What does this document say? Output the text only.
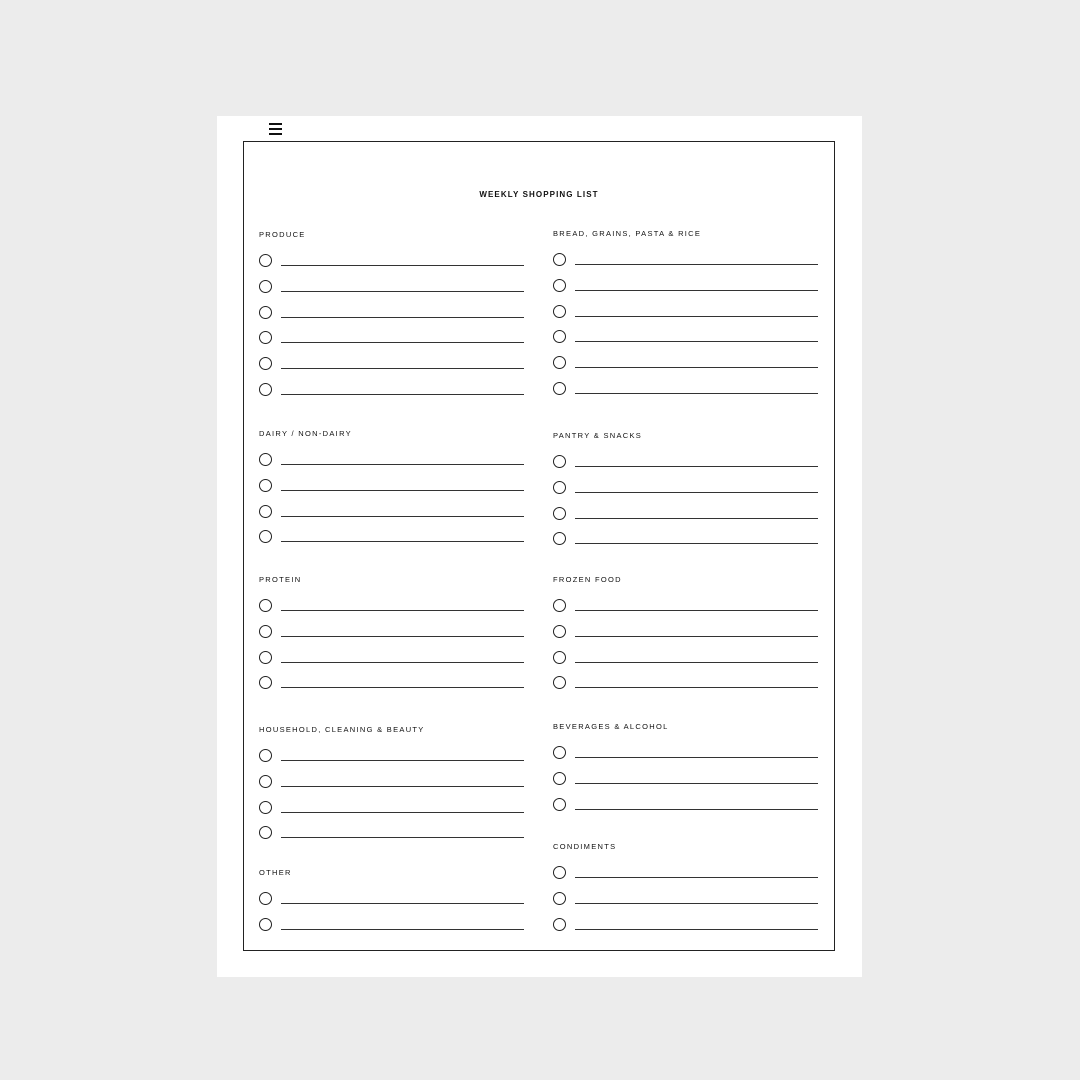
WEEKLY SHOPPING LIST
PRODUCE	BREAD, GRAINS, PASTA & RICE
DAIRY / NON-DAIRY	PANTRY & SNACKS
PROTEIN	FROZEN FOOD
HOUSEHOLD, CLEANING & BEAUTY	BEVERAGES & ALCOHOL
OTHER
CONDIMENTS
